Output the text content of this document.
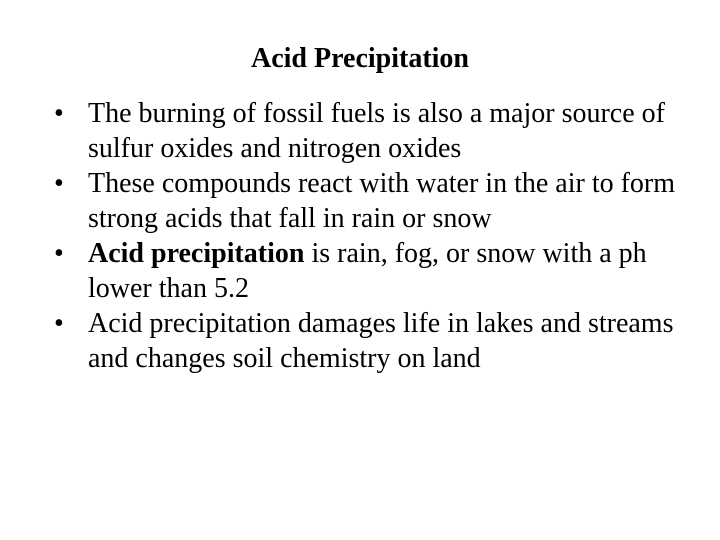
Acid Precipitation
• The burning of fossil fuels is also a major source of sulfur oxides and nitrogen oxides
• These compounds react with water in the air to form strong acids that fall in rain or snow
• Acid precipitation is rain, fog, or snow with a ph lower than 5.2
• Acid precipitation damages life in lakes and streams and changes soil chemistry on land
